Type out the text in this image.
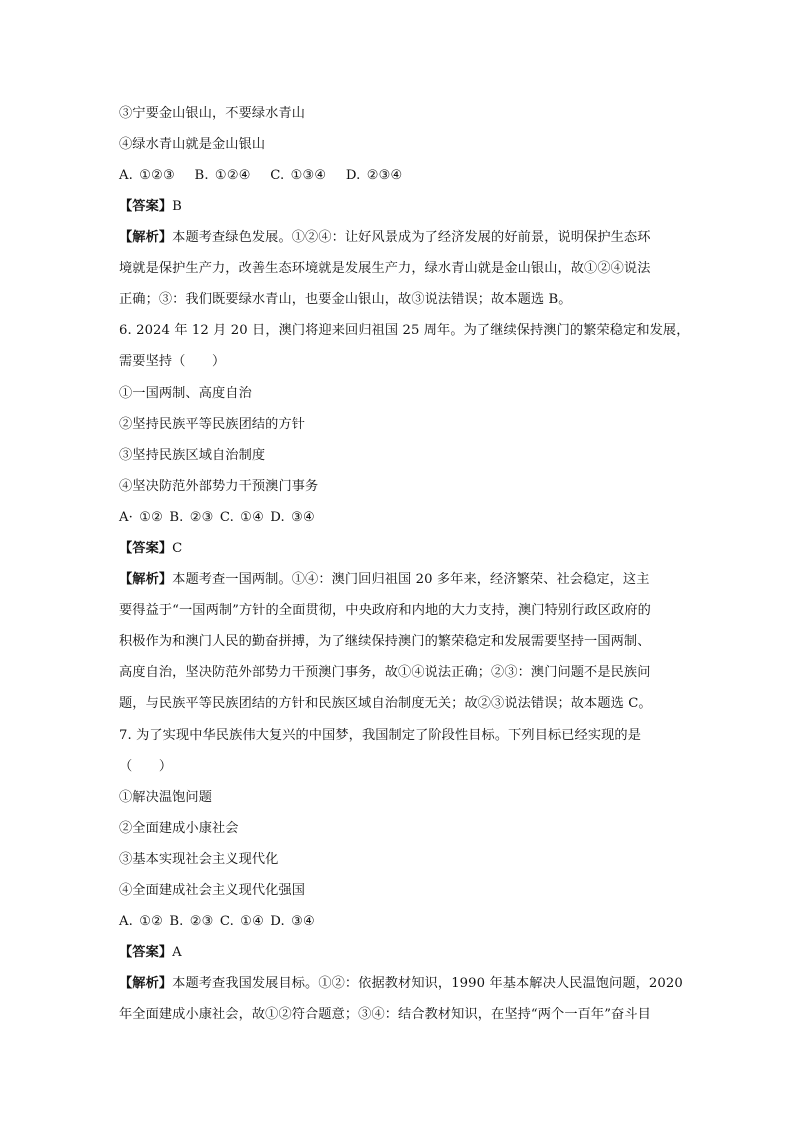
③宁要金山银山，不要绿水青山
④绿水青山就是金山银山
A. ①②③　 B. ①②④　 C. ①③④　 D. ②③④
【答案】B
【解析】本题考查绿色发展。①②④：让好风景成为了经济发展的好前景，说明保护生态环
境就是保护生产力，改善生态环境就是发展生产力，绿水青山就是金山银山，故①②④说法
正确；③：我们既要绿水青山，也要金山银山，故③说法错误；故本题选 B。
6. 2024 年 12 月 20 日，澳门将迎来回归祖国 25 周年。为了继续保持澳门的繁荣稳定和发展，
需要坚持（　　）
①一国两制、高度自治
②坚持民族平等民族团结的方针
③坚持民族区域自治制度
④坚决防范外部势力干预澳门事务
A· ①② B. ②③ C. ①④ D. ③④
【答案】C
【解析】本题考查一国两制。①④：澳门回归祖国 20 多年来，经济繁荣、社会稳定，这主
要得益于“一国两制”方针的全面贯彻，中央政府和内地的大力支持，澳门特别行政区政府的
积极作为和澳门人民的勤奋拼搏，为了继续保持澳门的繁荣稳定和发展需要坚持一国两制、
高度自治，坚决防范外部势力干预澳门事务，故①④说法正确；②③：澳门问题不是民族问
题，与民族平等民族团结的方针和民族区域自治制度无关；故②③说法错误；故本题选 C。
7. 为了实现中华民族伟大复兴的中国梦，我国制定了阶段性目标。下列目标已经实现的是
（　　）
①解决温饱问题
②全面建成小康社会
③基本实现社会主义现代化
④全面建成社会主义现代化强国
A. ①② B. ②③ C. ①④ D. ③④
【答案】A
【解析】本题考查我国发展目标。①②：依据教材知识，1990 年基本解决人民温饱问题，2020
年全面建成小康社会，故①②符合题意；③④：结合教材知识，在坚持“两个一百年”奋斗目
